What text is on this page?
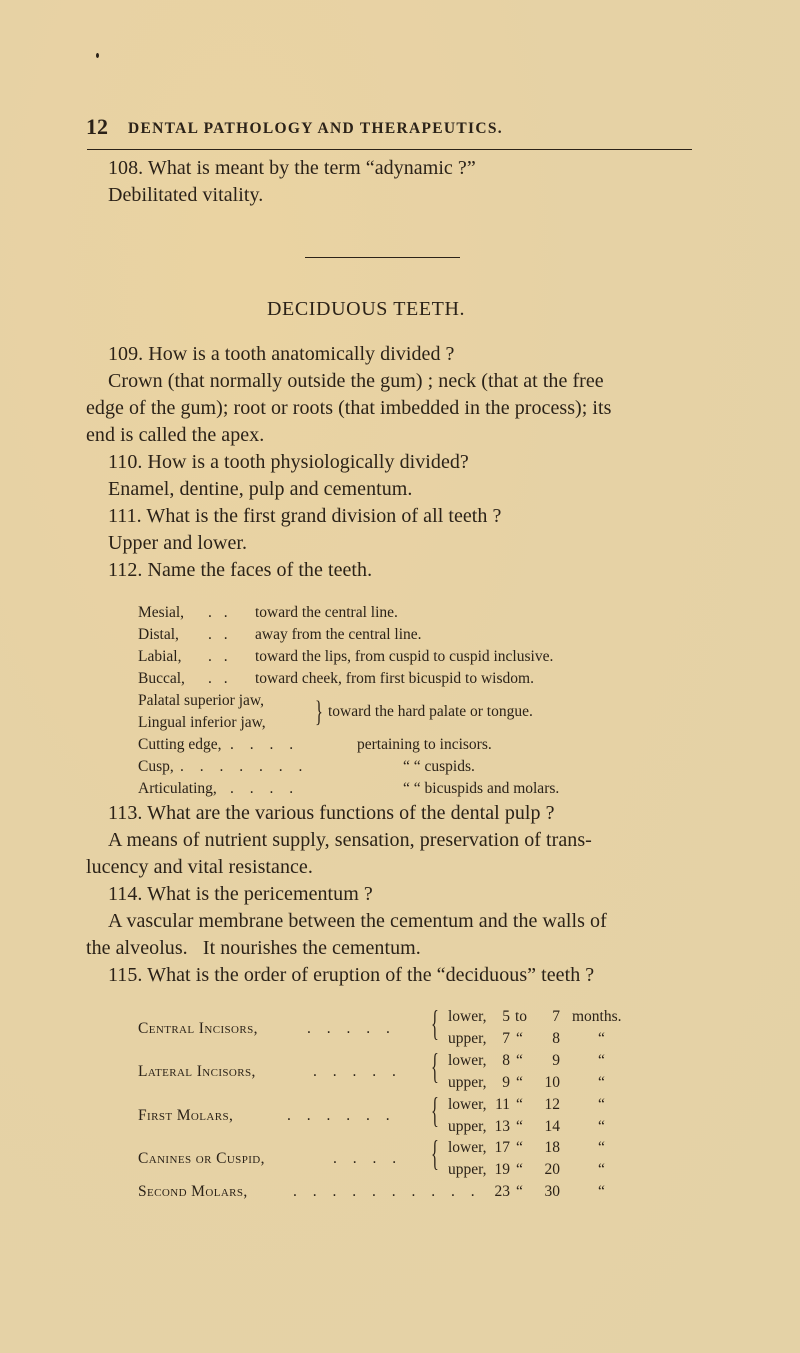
12 DENTAL PATHOLOGY AND THERAPEUTICS.
108. What is meant by the term “adynamic ?”
Debilitated vitality.
DECIDUOUS TEETH.
109. How is a tooth anatomically divided ?
Crown (that normally outside the gum) ; neck (that at the free
edge of the gum); root or roots (that imbedded in the process); its
end is called the apex.
110. How is a tooth physiologically divided?
Enamel, dentine, pulp and cementum.
111. What is the first grand division of all teeth ?
Upper and lower.
112. Name the faces of the teeth.
Mesial, . . toward the central line.
Distal, . . away from the central line.
Labial, . . toward the lips, from cuspid to cuspid inclusive.
Buccal, . . toward cheek, from first bicuspid to wisdom.
Palatal superior jaw,
Lingual inferior jaw, } toward the hard palate or tongue.
Cutting edge, . . . .	pertaining to incisors.
Cusp, . . . . . . .	“ “ cuspids.
Articulating, . . . .	“ “ bicuspids and molars.
113. What are the various functions of the dental pulp ?
A means of nutrient supply, sensation, preservation of trans-
lucency and vital resistance.
114. What is the pericementum ?
A vascular membrane between the cementum and the walls of
the alveolus.   It nourishes the cementum.
115. What is the order of eruption of the “deciduous” teeth ?
Central Incisors,	. . . . . { lower,	5 to	7 months.
upper,	7 “	8 “
Lateral Incisors,	. . . . . { lower,	8 “	9 “
upper,	9 “ 10 “
First Molars,	. . . . . . { lower, 11 “ 12 “
upper, 13 “ 14 “
Canines or Cuspid,	. . . . { lower, 17 “ 18 “
upper, 19 “ 20 “
Second Molars,	. . . . . . . . . . 23 “ 30 “
